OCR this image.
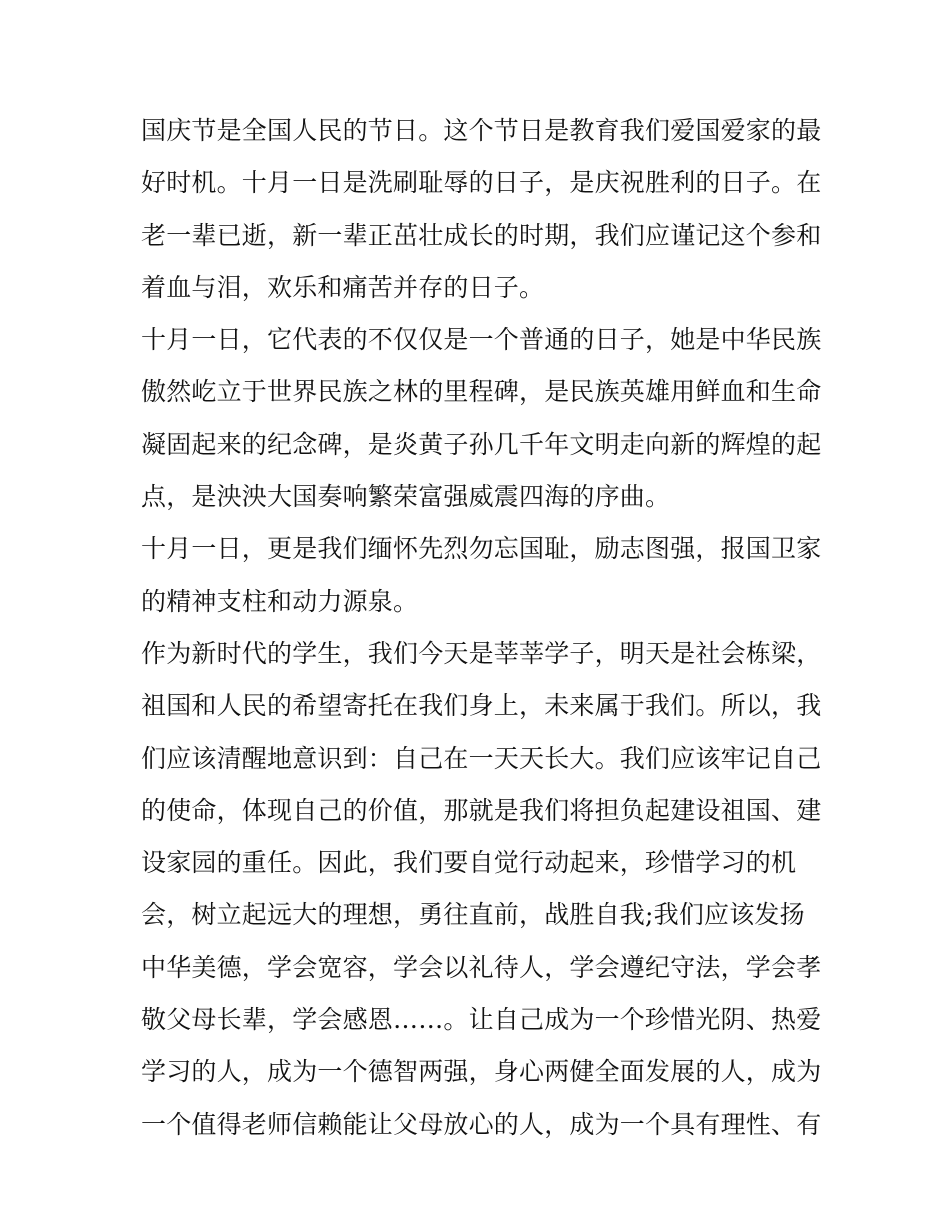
国庆节是全国人民的节日。这个节日是教育我们爱国爱家的最
好时机。十月一日是洗刷耻辱的日子，是庆祝胜利的日子。在
老一辈已逝，新一辈正茁壮成长的时期，我们应谨记这个参和
着血与泪，欢乐和痛苦并存的日子。
十月一日，它代表的不仅仅是一个普通的日子，她是中华民族
傲然屹立于世界民族之林的里程碑，是民族英雄用鲜血和生命
凝固起来的纪念碑，是炎黄子孙几千年文明走向新的辉煌的起
点，是泱泱大国奏响繁荣富强威震四海的序曲。
十月一日，更是我们缅怀先烈勿忘国耻，励志图强，报国卫家
的精神支柱和动力源泉。
作为新时代的学生，我们今天是莘莘学子，明天是社会栋梁，
祖国和人民的希望寄托在我们身上，未来属于我们。所以，我
们应该清醒地意识到：自己在一天天长大。我们应该牢记自己
的使命，体现自己的价值，那就是我们将担负起建设祖国、建
设家园的重任。因此，我们要自觉行动起来，珍惜学习的机
会，树立起远大的理想，勇往直前，战胜自我;我们应该发扬
中华美德，学会宽容，学会以礼待人，学会遵纪守法，学会孝
敬父母长辈，学会感恩……。让自己成为一个珍惜光阴、热爱
学习的人，成为一个德智两强，身心两健全面发展的人，成为
一个值得老师信赖能让父母放心的人，成为一个具有理性、有
